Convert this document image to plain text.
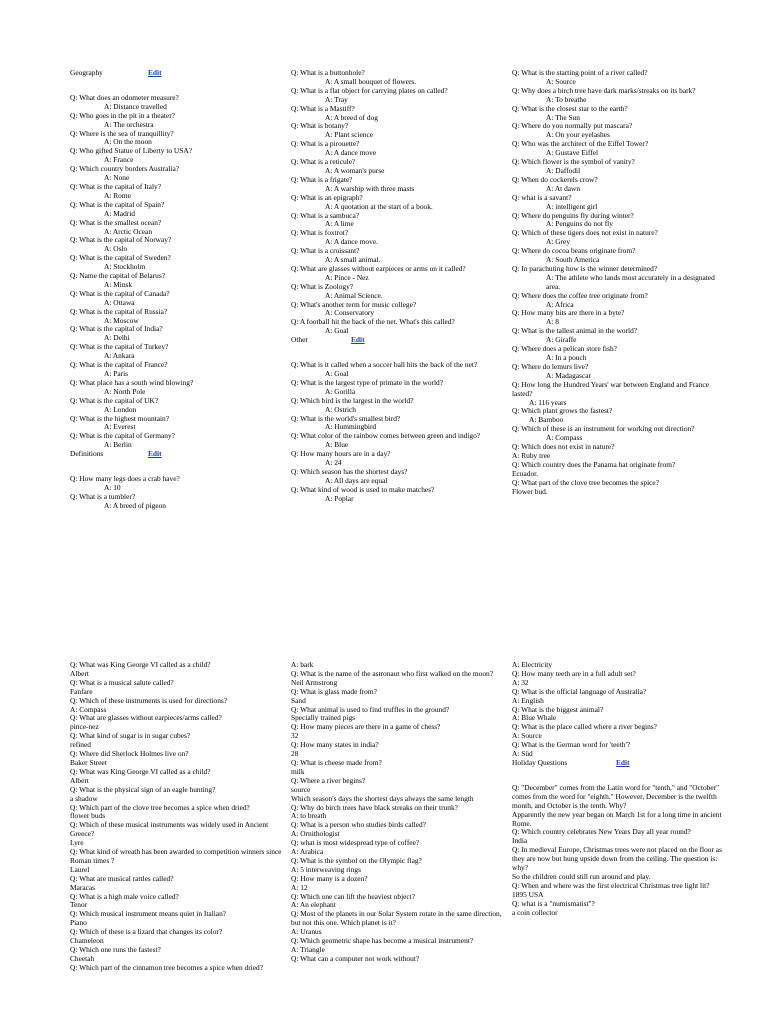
Geography	Edit

Q: What does an odometer measure?

A: Distance travelled

Q: Who goes in the pit in a theater?

A: The orchestra

Q: Where is the sea of tranquillity?

A: On the moon

Q: Who gifted Statue of Liberty to USA?

A: France

Q: Which country borders Australia?

A: None

Q: What is the capital of Italy?

A: Rome

Q: What is the capital of Spain?

A: Madrid

Q: What is the smallest ocean?

A: Arctic Ocean

Q: What is the capital of Norway?

A: Oslo

Q: What is the capital of Sweden?

A: Stockholm

Q: Name the capital of Belarus?

A: Minsk

Q: What is the capital of Canada?

A: Ottawa

Q: What is the capital of Russia?

A: Moscow

Q: What is the capital of India?

A: Delhi

Q: What is the capital of Turkey?

A: Ankara

Q: What is the capital of France?

A: Paris

Q: What place has a south wind blowing?

A: North Pole

Q: What is the capital of UK?

A: London

Q: What is the highest mountain?

A: Everest

Q: What is the capital of Germany?

A: Berlin

Definitions	Edit

Q: How many legs does a crab have?

A: 10

Q: What is a tumbler?

A: A breed of pigeon

Q: What is a buttonhole?

A: A small bouquet of flowers.

Q: What is a flat object for carrying plates on called?

A: Tray

Q: What is a Mastiff?

A: A breed of dog

Q: What is botany?

A: Plant science

Q: What is a pirouette?

A: A dance move

Q: What is a reticule?

A: A woman's purse

Q: What is a frigate?

A: A warship with three masts

Q: What is an epigraph?

A: A quotation at the start of a book.

Q: What is a sambuca?

A: A lime

Q: What is foxtrot?

A: A dance move.

Q: What is a croissant?

A: A small animal.

Q: What are glasses without earpieces or arms on it called?

A: Pince - Nez

Q: What is Zoology?

A: Animal Science.

Q: What's another term for music college?

A: Conservatory

Q: A football hit the back of the net. What's this called?

A: Goal

Other	Edit

Q: What is it called when a soccer ball hits the back of the net?

A: Goal

Q: What is the largest type of primate in the world?

A: Gorilla

Q: Which bird is the largest in the world?

A: Ostrich

Q: What is the world's smallest bird?

A: Hummingbird

Q: What color of the rainbow comes between green and indigo?

A: Blue

Q: How many hours are in a day?

A: 24

Q: Which season has the shortest days?

A: All days are equal

Q: What kind of wood is used to make matches?

A: Poplar

Q: What is the starting point of a river called?

A: Source

Q: Why does a birch tree have dark marks/streaks on its bark?

A: To breathe

Q: What is the closest star to the earth?

A: The Sun

Q: Where do you normally put mascara?

A: On your eyelashes

Q: Who was the architect of the Eiffel Tower?

A: Gustave Eiffel

Q: Which flower is the symbol of vanity?

A: Daffodil

Q: When do cockerels crow?

A: At dawn

Q: what is a savant?

A: intelligent girl

Q: Where do penguins fly during winter?

A: Penguins do not fly

Q: Which of these tigers does not exist in nature?

A: Grey

Q: Where do cocoa beans originate from?

A: South America

Q: In parachuting how is the winner determined?

A: The athlete who lands most accurately in a designated area.

Q: Where does the coffee tree originate from?

A: Africa

Q: How many bits are there in a byte?

A: 8

Q: What is the tallest animal in the world?

A: Giraffe

Q: Where does a pelican store fish?

A: In a pouch

Q: Where do lemurs live?

A: Madagascar

Q: How long the Hundred Years' war between England and France lasted?

A: 116 years

Q: Which plant grows the fastest?

A: Bamboo

Q: Which of these is an instrument for working out direction?

A: Compass

Q: Which does not exist in nature?

A: Ruby tree

Q: Which country does the Panama hat originate from?

Ecuador.

Q: What part of the clove tree becomes the spice?

Flower bud.

Q: What was King George VI called as a child?

Albert

Q: What is a musical salute called?

Fanfare

Q: Which of these instruments is used for directions?

A: Compass

Q: What are glasses without earpieces/arms called?

pince-nez

Q: What kind of sugar is in sugar cubes?

refined

Q: Where did Sherlock Holmes live on?

Baker Street

Q: What was King George VI called as a child?

Albert

Q: What is the physical sign of an eagle hunting?

a shadow

Q: Which part of the clove tree becomes a spice when dried?

flower buds

Q: Which of these musical instruments was widely used in Ancient Greece?

Lyre

Q: What kind of wreath has been awarded to competition winners since Roman times ?

Laurel

Q: What are musical rattles called?

Maracas

Q: What is a high male voice called?

Tenor

Q: Which musical instrument means quiet in Italian?

Piano

Q: Which of these is a lizard that changes its color?

Chameleon

Q: Which one runs the fastest?

Cheetah

Q: Which part of the cinnamon tree becomes a spice when dried?

A: bark

Q: What is the name of the astronaut who first walked on the moon?

Neil Armstrong

Q: What is glass made from?

Sand

Q: What animal is used to find truffles in the ground?

Specially trained pigs

Q: How many pieces are there in a game of chess?

32

Q: How many states in india?

28

Q: What is cheese made from?

milk

Q: Where a river begins?

source

Which season's days the shortest days always the same length

Q: Why do birch trees have black streaks on their trunk?

A: to breath

Q: What is a person who studies birds called?

A: Ornithologist

Q: what is most widespread type of coffee?

A: Arabica

Q: What is the symbol on the Olympic flag?

A: 5 interweaving rings

Q: How many is a dozen?

A: 12

Q: Which one can lift the heaviest object?

A: An elephant

Q: Most of the planets in our Solar System rotate in the same direction, but not this one. Which planet is it?

A: Uranus

Q: Which geometric shape has become a musical instrument?

A: Triangle

Q: What can a computer not work without?

A: Electricity

Q: How many teeth are in a full adult set?

A: 32

Q: What is the official language of Australia?

A: English

Q: What is the biggest animal?

A: Blue Whale

Q: What is the place called where a river begins?

A: Source

Q: What is the German word for 'teeth'?

A: Süd

Holiday Questions	Edit

Q: "December" comes from the Latin word for "tenth," and "October" comes from the word for "eighth." However, December is the twelfth month, and October is the tenth. Why?

Apparently the new year began on March 1st for a long time in ancient Rome.

Q: Which country celebrates New Years Day all year round?

India

Q: In medieval Europe, Christmas trees were not placed on the floor as they are now but hung upside down from the ceiling. The question is: why?

So the children could still run around and play.

Q: When and where was the first electrical Christmas tree light lit?

1895 USA

Q: what is a "numismatist"?

a coin collector
